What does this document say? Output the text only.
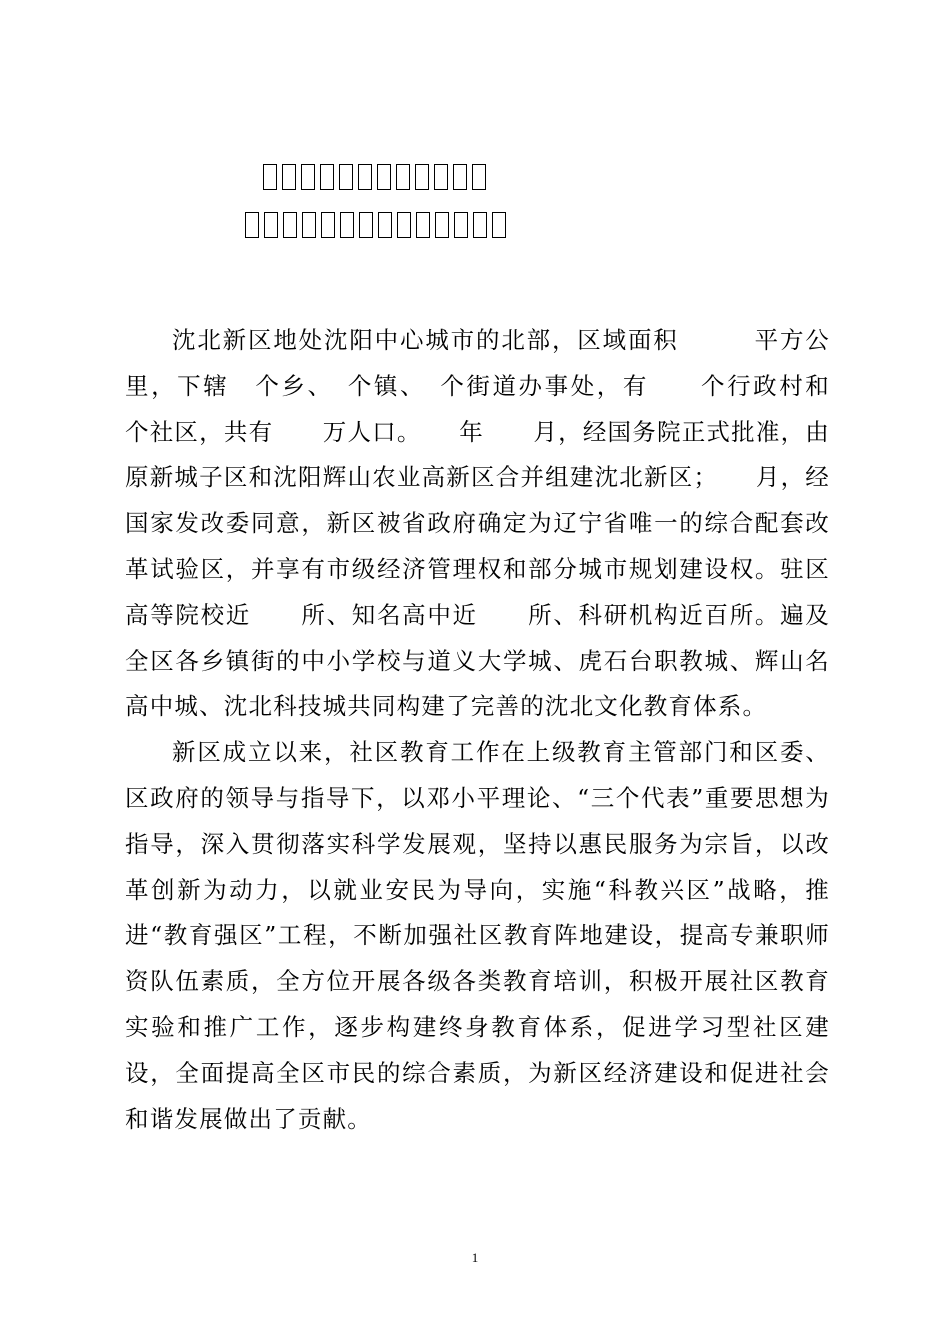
沈北新区地处沈阳中心城市的北部，区域面积　　　平方公里，下辖　个乡、　个镇、　个街道办事处，有　　个行政村和　　个社区，共有　　万人口。　　年　　月，经国务院正式批准，由原新城子区和沈阳辉山农业高新区合并组建沈北新区；　　月，经国家发改委同意，新区被省政府确定为辽宁省唯一的综合配套改革试验区，并享有市级经济管理权和部分城市规划建设权。驻区高等院校近　　所、知名高中近　　所、科研机构近百所。遍及全区各乡镇街的中小学校与道义大学城、虎石台职教城、辉山名高中城、沈北科技城共同构建了完善的沈北文化教育体系。

新区成立以来，社区教育工作在上级教育主管部门和区委、区政府的领导与指导下，以邓小平理论、“三个代表”重要思想为指导，深入贯彻落实科学发展观，坚持以惠民服务为宗旨，以改革创新为动力，以就业安民为导向，实施“科教兴区”战略，推进“教育强区”工程，不断加强社区教育阵地建设，提高专兼职师资队伍素质，全方位开展各级各类教育培训，积极开展社区教育实验和推广工作，逐步构建终身教育体系，促进学习型社区建设，全面提高全区市民的综合素质，为新区经济建设和促进社会和谐发展做出了贡献。

1
